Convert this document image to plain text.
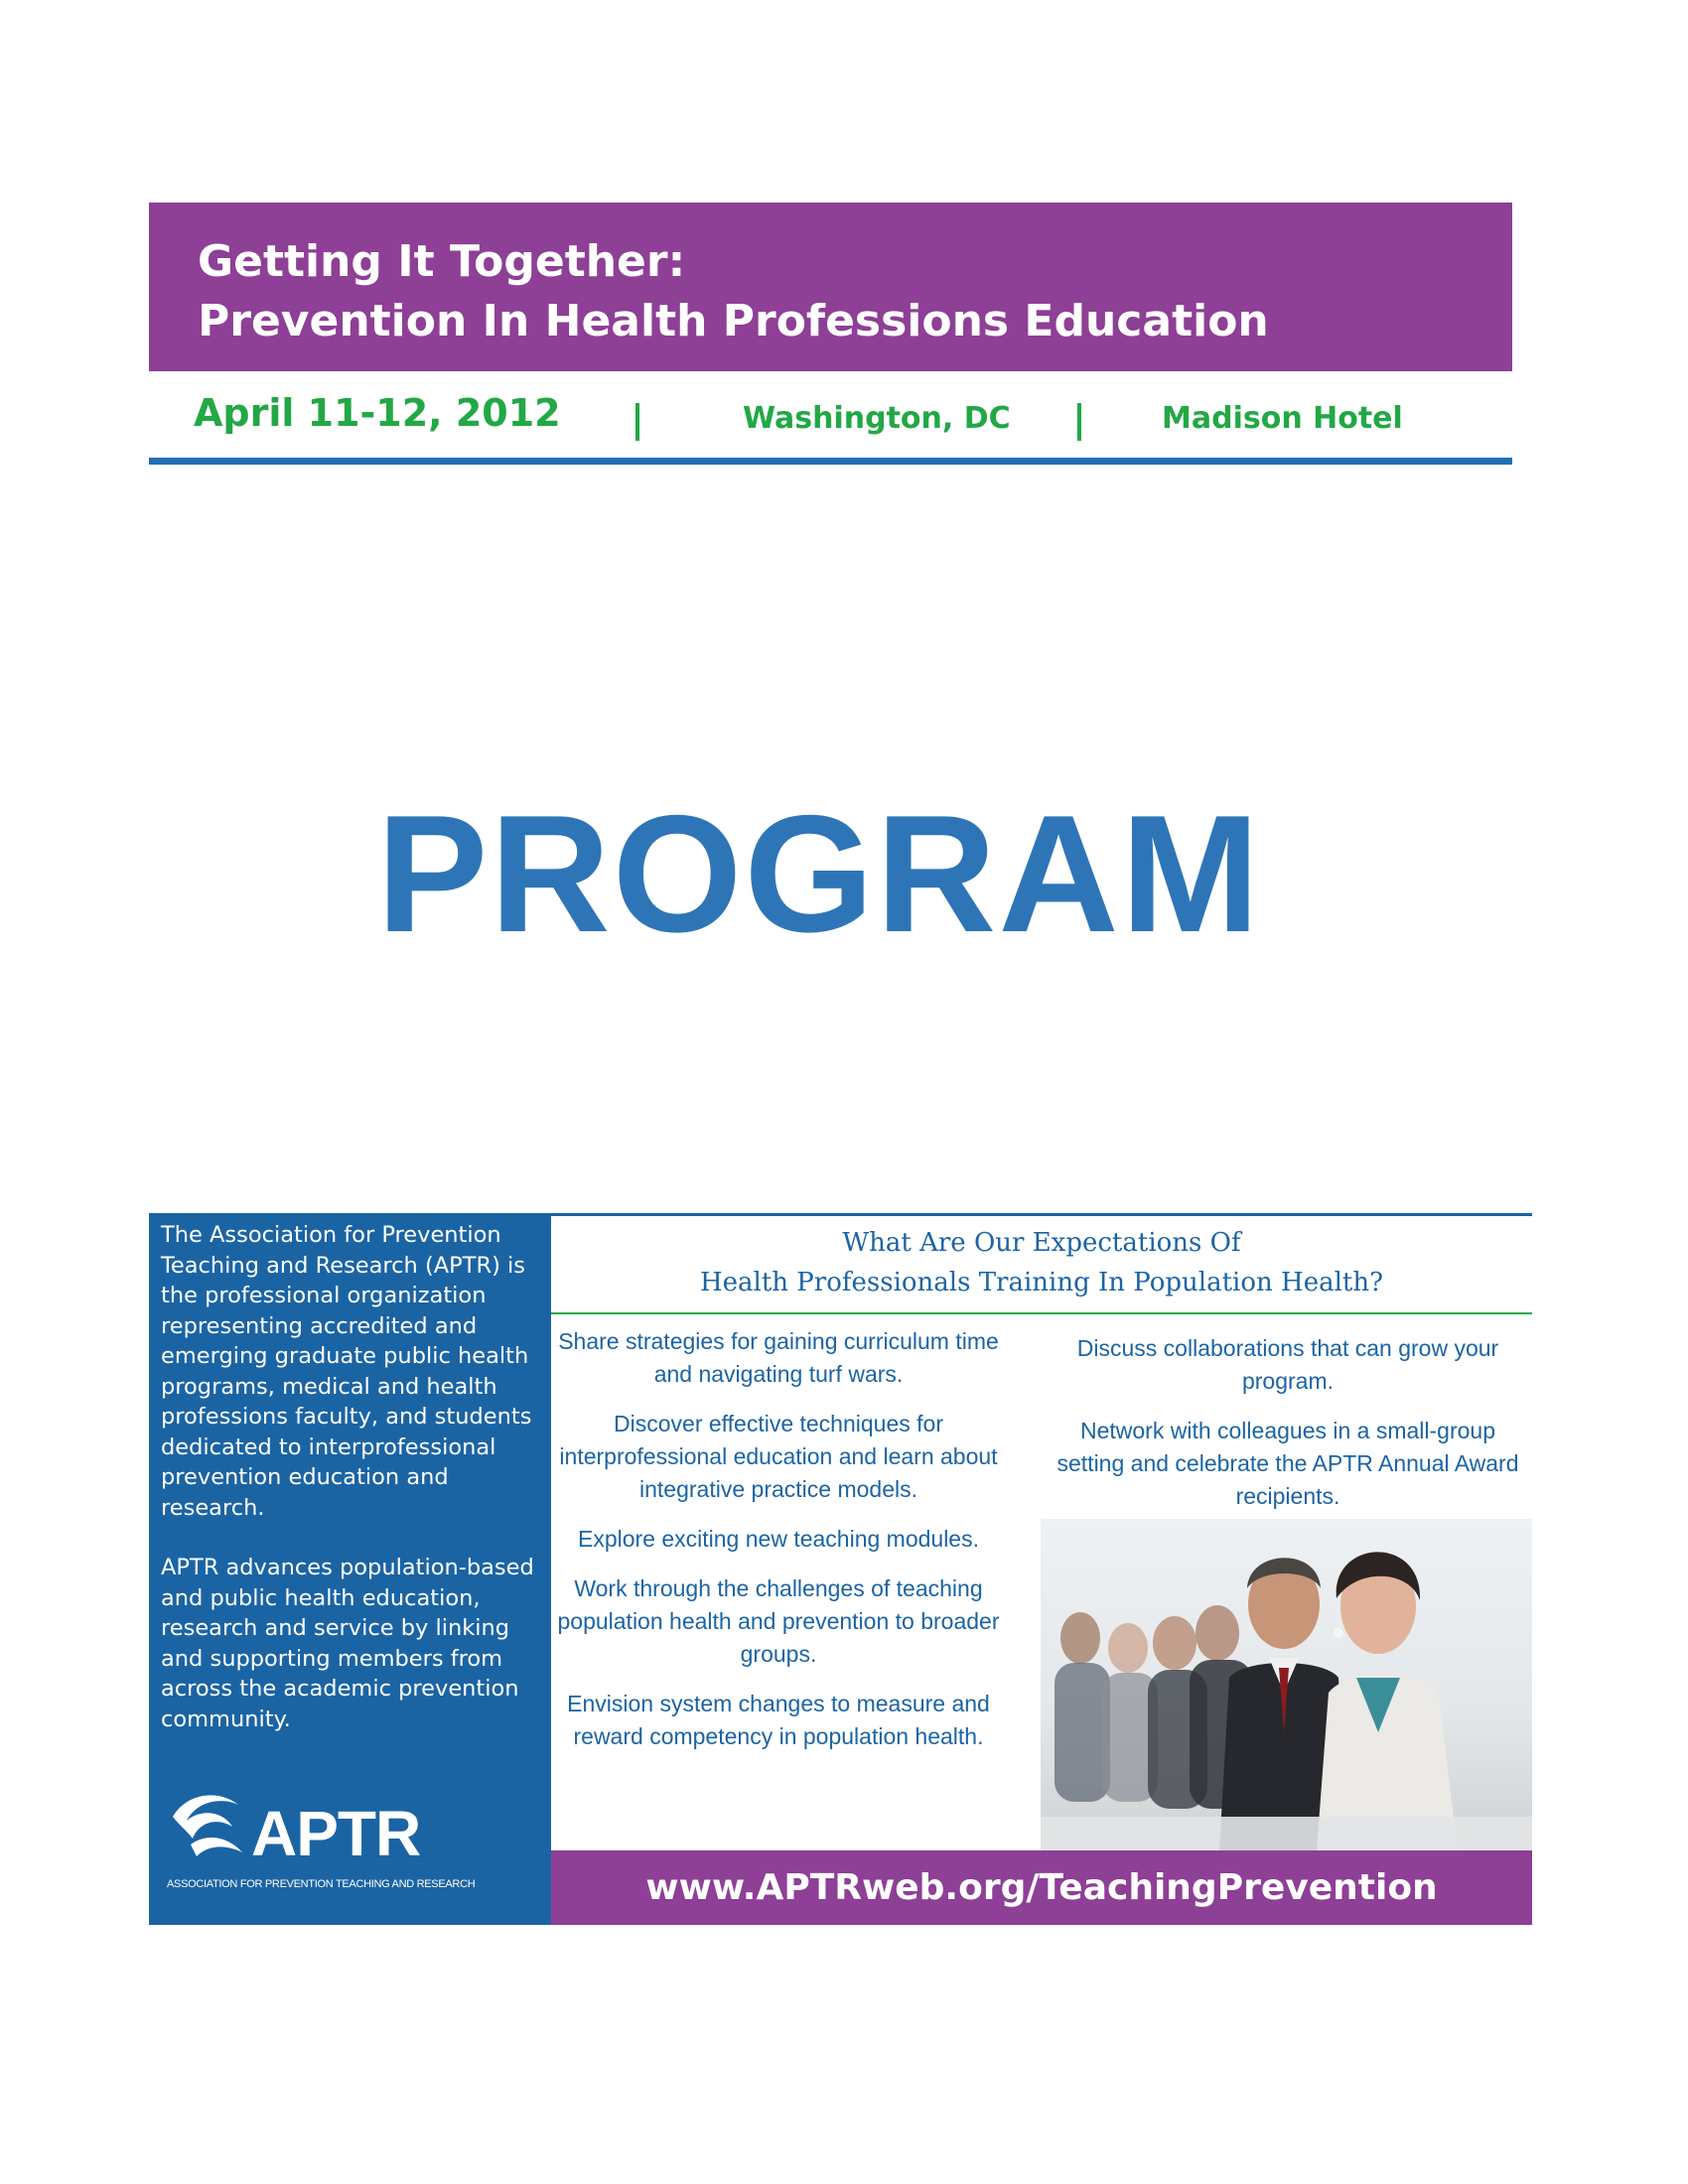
Getting It Together:
Prevention In Health Professions Education
April 11-12, 2012	Washington, DC	Madison Hotel
PROGRAM

The Association for Prevention Teaching and Research (APTR) is the professional organization representing accredited and emerging graduate public health programs, medical and health professions faculty, and students dedicated to interprofessional prevention education and research.

APTR advances population-based and public health education, research and service by linking and supporting members from across the academic prevention community.

APTR
ASSOCIATION FOR PREVENTION TEACHING AND RESEARCH
What Are Our Expectations Of
Health Professionals Training In Population Health?

Share strategies for gaining curriculum time and navigating turf wars.

Discover effective techniques for interprofessional education and learn about integrative practice models.

Explore exciting new teaching modules.

Work through the challenges of teaching population health and prevention to broader groups.

Envision system changes to measure and reward competency in population health.

Discuss collaborations that can grow your program.

Network with colleagues in a small-group setting and celebrate the APTR Annual Award recipients.

www.APTRweb.org/TeachingPrevention
